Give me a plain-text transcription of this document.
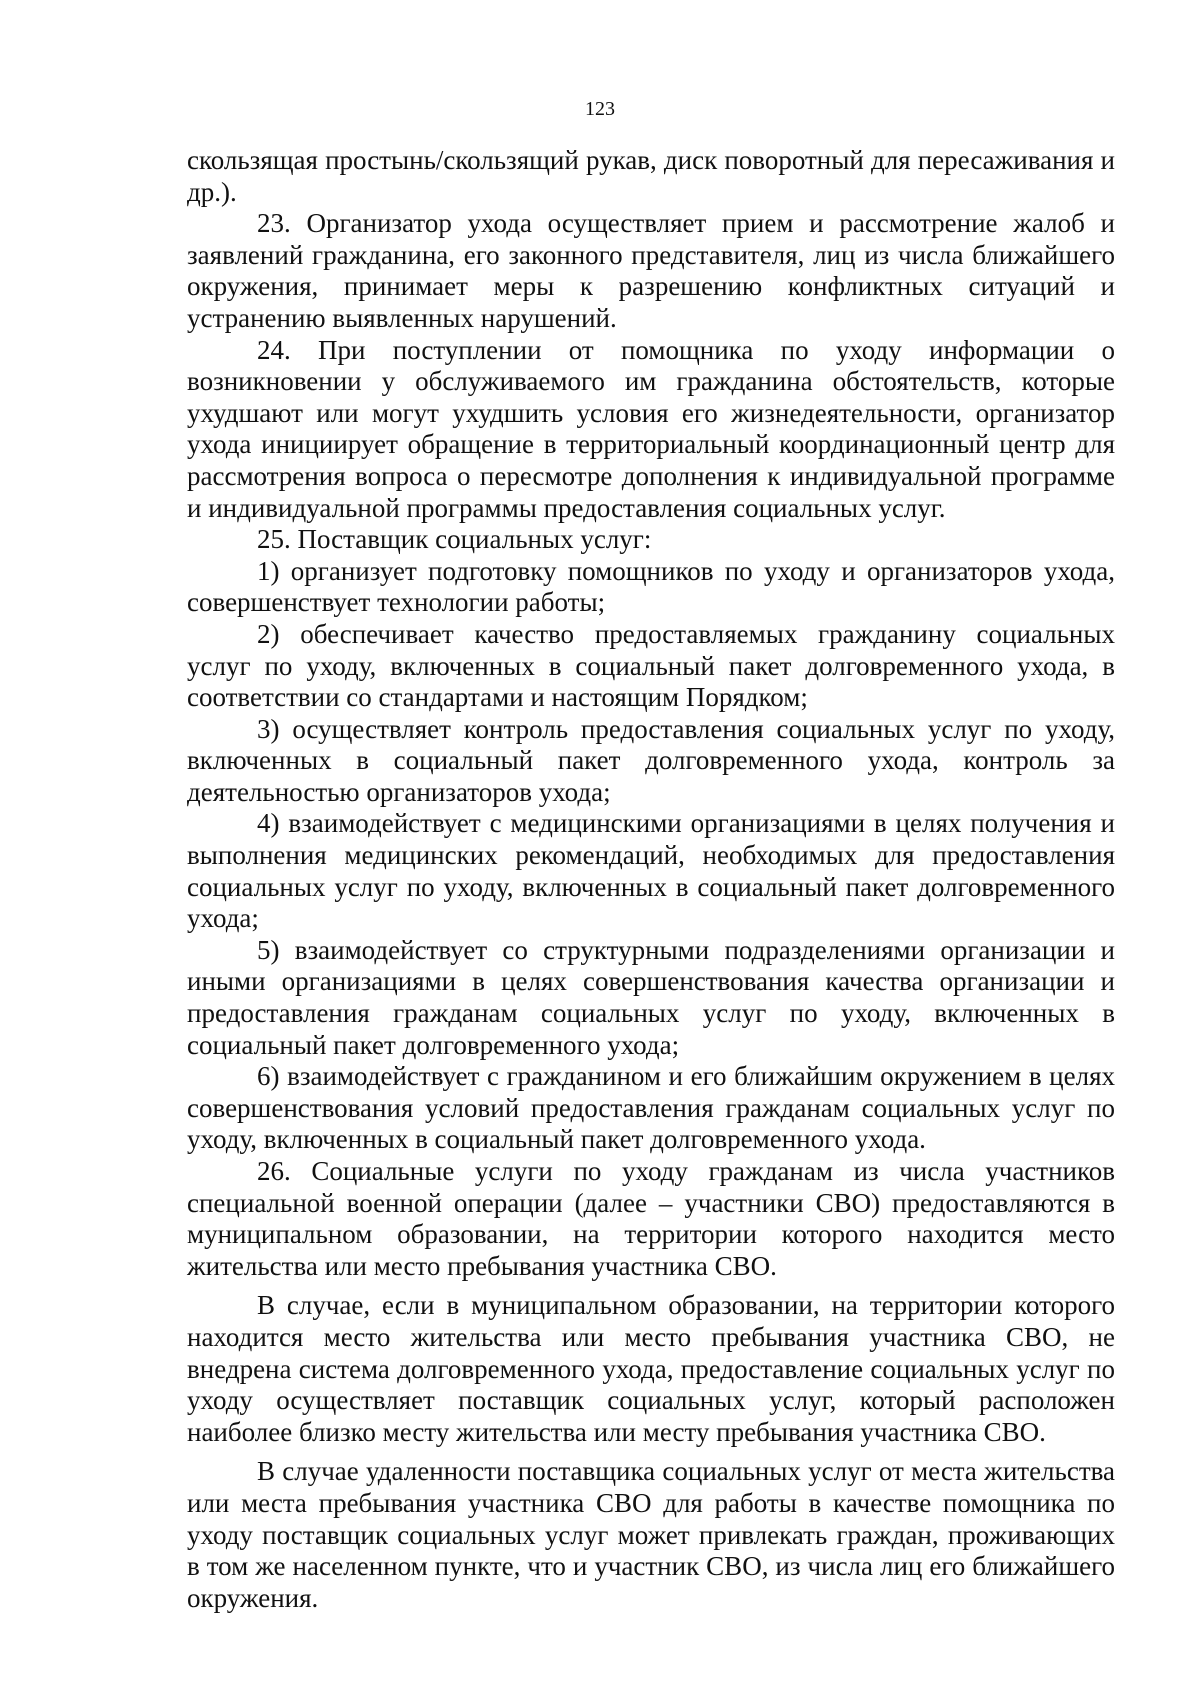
123

скользящая простынь/скользящий рукав, диск поворотный для пересаживания и др.).

23. Организатор ухода осуществляет прием и рассмотрение жалоб и заявлений гражданина, его законного представителя, лиц из числа ближайшего окружения, принимает меры к разрешению конфликтных ситуаций и устранению выявленных нарушений.

24. При поступлении от помощника по уходу информации о возникновении у обслуживаемого им гражданина обстоятельств, которые ухудшают или могут ухудшить условия его жизнедеятельности, организатор ухода инициирует обращение в территориальный координационный центр для рассмотрения вопроса о пересмотре дополнения к индивидуальной программе и индивидуальной программы предоставления социальных услуг.

25. Поставщик социальных услуг:

1) организует подготовку помощников по уходу и организаторов ухода, совершенствует технологии работы;

2) обеспечивает качество предоставляемых гражданину социальных услуг по уходу, включенных в социальный пакет долговременного ухода, в соответствии со стандартами и настоящим Порядком;

3) осуществляет контроль предоставления социальных услуг по уходу, включенных в социальный пакет долговременного ухода, контроль за деятельностью организаторов ухода;

4) взаимодействует с медицинскими организациями в целях получения и выполнения медицинских рекомендаций, необходимых для предоставления социальных услуг по уходу, включенных в социальный пакет долговременного ухода;

5) взаимодействует со структурными подразделениями организации и иными организациями в целях совершенствования качества организации и предоставления гражданам социальных услуг по уходу, включенных в социальный пакет долговременного ухода;

6) взаимодействует с гражданином и его ближайшим окружением в целях совершенствования условий предоставления гражданам социальных услуг по уходу, включенных в социальный пакет долговременного ухода.

26. Социальные услуги по уходу гражданам из числа участников специальной военной операции (далее – участники СВО) предоставляются в муниципальном образовании, на территории которого находится место жительства или место пребывания участника СВО.

В случае, если в муниципальном образовании, на территории которого находится место жительства или место пребывания участника СВО, не внедрена система долговременного ухода, предоставление социальных услуг по уходу осуществляет поставщик социальных услуг, который расположен наиболее близко месту жительства или месту пребывания участника СВО.

В случае удаленности поставщика социальных услуг от места жительства или места пребывания участника СВО для работы в качестве помощника по уходу поставщик социальных услуг может привлекать граждан, проживающих в том же населенном пункте, что и участник СВО, из числа лиц его ближайшего окружения.
